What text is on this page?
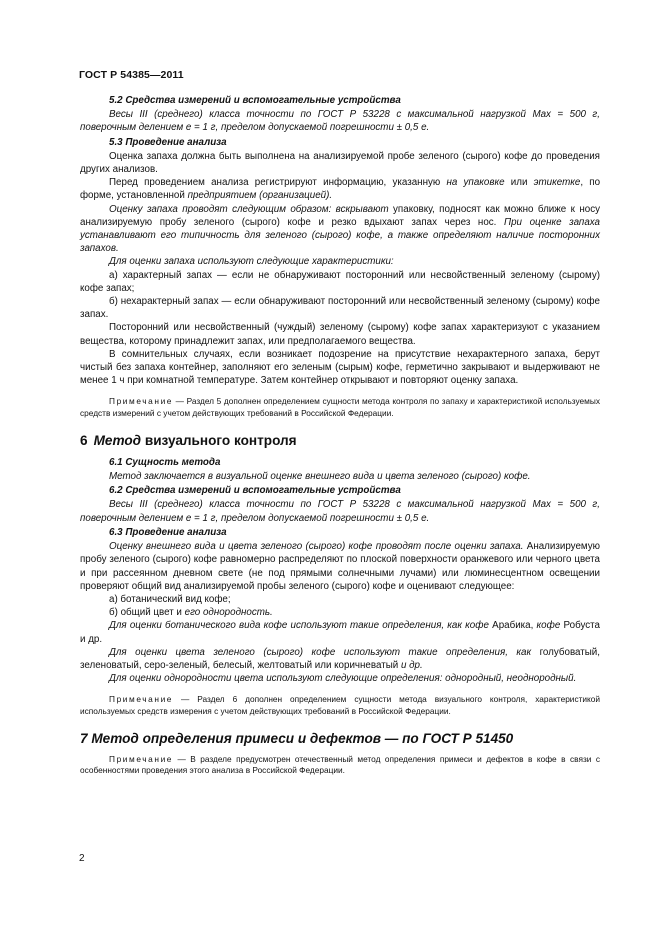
ГОСТ Р 54385—2011

5.2 Средства измерений и вспомогательные устройства

Весы III (среднего) класса точности по ГОСТ Р 53228 с максимальной нагрузкой Max = 500 г, поверочным делением е = 1 г, пределом допускаемой погрешности ± 0,5 е.

5.3 Проведение анализа

Оценка запаха должна быть выполнена на анализируемой пробе зеленого (сырого) кофе до проведения других анализов.

Перед проведением анализа регистрируют информацию, указанную на упаковке или этикетке, по форме, установленной предприятием (организацией).

Оценку запаха проводят следующим образом: вскрывают упаковку, подносят как можно ближе к носу анализируемую пробу зеленого (сырого) кофе и резко вдыхают запах через нос. При оценке запаха устанавливают его типичность для зеленого (сырого) кофе, а также определяют наличие посторонних запахов.

Для оценки запаха используют следующие характеристики:

а) характерный запах — если не обнаруживают посторонний или несвойственный зеленому (сырому) кофе запах;

б) нехарактерный запах — если обнаруживают посторонний или несвойственный зеленому (сырому) кофе запах.

Посторонний или несвойственный (чуждый) зеленому (сырому) кофе запах характеризуют с указанием вещества, которому принадлежит запах, или предполагаемого вещества.

В сомнительных случаях, если возникает подозрение на присутствие нехарактерного запаха, берут чистый без запаха контейнер, заполняют его зеленым (сырым) кофе, герметично закрывают и выдерживают не менее 1 ч при комнатной температуре. Затем контейнер открывают и повторяют оценку запаха.

Примечание — Раздел 5 дополнен определением сущности метода контроля по запаху и характеристикой используемых средств измерений с учетом действующих требований в Российской Федерации.

6 Метод визуального контроля

6.1 Сущность метода

Метод заключается в визуальной оценке внешнего вида и цвета зеленого (сырого) кофе.

6.2 Средства измерений и вспомогательные устройства

Весы III (среднего) класса точности по ГОСТ Р 53228 с максимальной нагрузкой Max = 500 г, поверочным делением е = 1 г, пределом допускаемой погрешности ± 0,5 е.

6.3 Проведение анализа

Оценку внешнего вида и цвета зеленого (сырого) кофе проводят после оценки запаха. Анализируемую пробу зеленого (сырого) кофе равномерно распределяют по плоской поверхности оранжевого или черного цвета и при рассеянном дневном свете (не под прямыми солнечными лучами) или люминесцентном освещении проверяют общий вид анализируемой пробы зеленого (сырого) кофе и оценивают следующее:

а) ботанический вид кофе;

б) общий цвет и его однородность.

Для оценки ботанического вида кофе используют такие определения, как кофе Арабика, кофе Робуста и др.

Для оценки цвета зеленого (сырого) кофе используют такие определения, как голубоватый, зеленоватый, серо-зеленый, белесый, желтоватый или коричневатый и др.

Для оценки однородности цвета используют следующие определения: однородный, неоднородный.

Примечание — Раздел 6 дополнен определением сущности метода визуального контроля, характеристикой используемых средств измерения с учетом действующих требований в Российской Федерации.

7 Метод определения примеси и дефектов — по ГОСТ Р 51450

Примечание — В разделе предусмотрен отечественный метод определения примеси и дефектов в кофе в связи с особенностями проведения этого анализа в Российской Федерации.

2
